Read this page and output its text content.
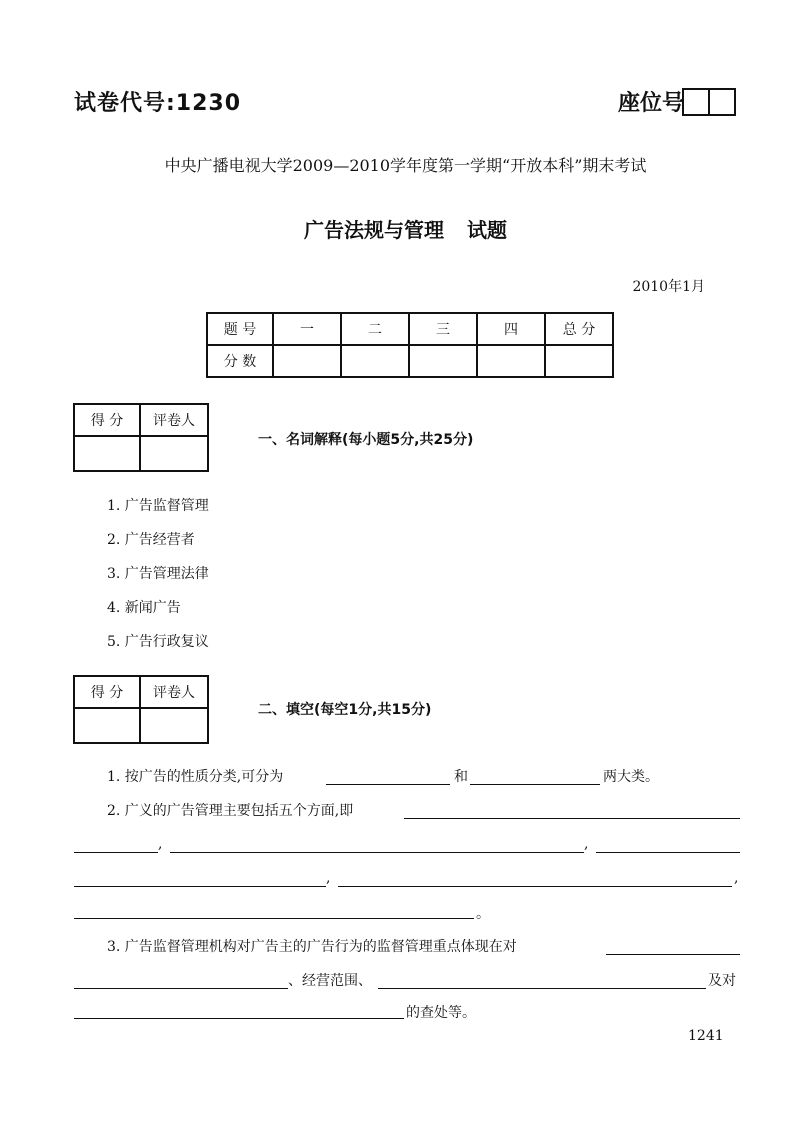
试卷代号:1230	座位号
中央广播电视大学2009—2010学年度第一学期“开放本科”期末考试
广告法规与管理 试题
2010年1月
题 号	一	二	三	四	总 分
分 数					
得 分	评卷人

一、名词解释(每小题5分,共25分)
1. 广告监督管理
2. 广告经营者
3. 广告管理法律
4. 新闻广告
5. 广告行政复议
得 分	评卷人

二、填空(每空1分,共15分)
1. 按广告的性质分类,可分为	和	两大类。
2. 广义的广告管理主要包括五个方面,即
,	,
,	,
。
3. 广告监督管理机构对广告主的广告行为的监督管理重点体现在对
、经营范围、	及对
的查处等。
1241
